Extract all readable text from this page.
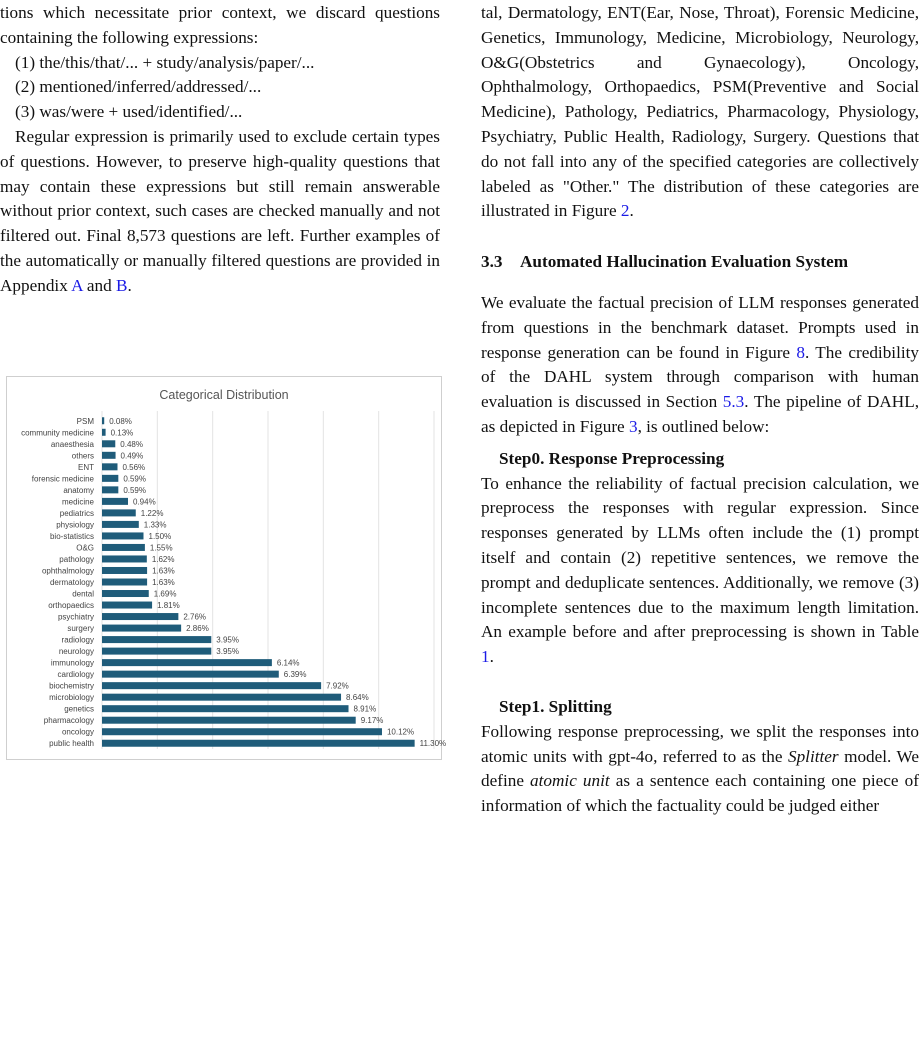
tions which necessitate prior context, we discard questions containing the following expressions:

(1) the/this/that/... + study/analysis/paper/...

(2) mentioned/inferred/addressed/...

(3) was/were + used/identified/...

Regular expression is primarily used to exclude certain types of questions. However, to preserve high-quality questions that may contain these expressions but still remain answerable without prior context, such cases are checked manually and not filtered out. Final 8,573 questions are left. Further examples of the automatically or manually filtered questions are provided in Appendix A and B.

Categorical Distribution
PSM 0.08%
community medicine 0.13%
anaesthesia	0.48%
others	0.49%
ENT	0.56%
forensic medicine	0.59%
anatomy	0.59%
medicine	0.94%
pediatrics	1.22%
physiology	1.33%
bio-statistics	1.50%
O&G	1.55%
pathology	1.62%
ophthalmology	1.63%
dermatology	1.63%
dental	1.69%
orthopaedics	1.81%
psychiatry	2.76%
surgery	2.86%
radiology	3.95%
neurology	3.95%
immunology	6.14%
cardiology	6.39%
biochemistry	7.92%
microbiology	8.64%
genetics	8.91%
pharmacology	9.17%
oncology	10.12%
public health	11.30%

tal, Dermatology, ENT(Ear, Nose, Throat), Forensic Medicine, Genetics, Immunology, Medicine, Microbiology, Neurology, O&G(Obstetrics and Gynaecology), Oncology, Ophthalmology, Orthopaedics, PSM(Preventive and Social Medicine), Pathology, Pediatrics, Pharmacology, Physiology, Psychiatry, Public Health, Radiology, Surgery. Questions that do not fall into any of the specified categories are collectively labeled as "Other." The distribution of these categories are illustrated in Figure 2.

3.3	Automated Hallucination Evaluation System

We evaluate the factual precision of LLM responses generated from questions in the benchmark dataset. Prompts used in response generation can be found in Figure 8. The credibility of the DAHL system through comparison with human evaluation is discussed in Section 5.3. The pipeline of DAHL, as depicted in Figure 3, is outlined below:

Step0. Response Preprocessing

To enhance the reliability of factual precision calculation, we preprocess the responses with regular expression. Since responses generated by LLMs often include the (1) prompt itself and contain (2) repetitive sentences, we remove the prompt and deduplicate sentences. Additionally, we remove (3) incomplete sentences due to the maximum length limitation. An example before and after preprocessing is shown in Table 1.

Step1. Splitting

Following response preprocessing, we split the responses into atomic units with gpt-4o, referred to as the Splitter model. We define atomic unit as a sentence each containing one piece of information of which the factuality could be judged either
